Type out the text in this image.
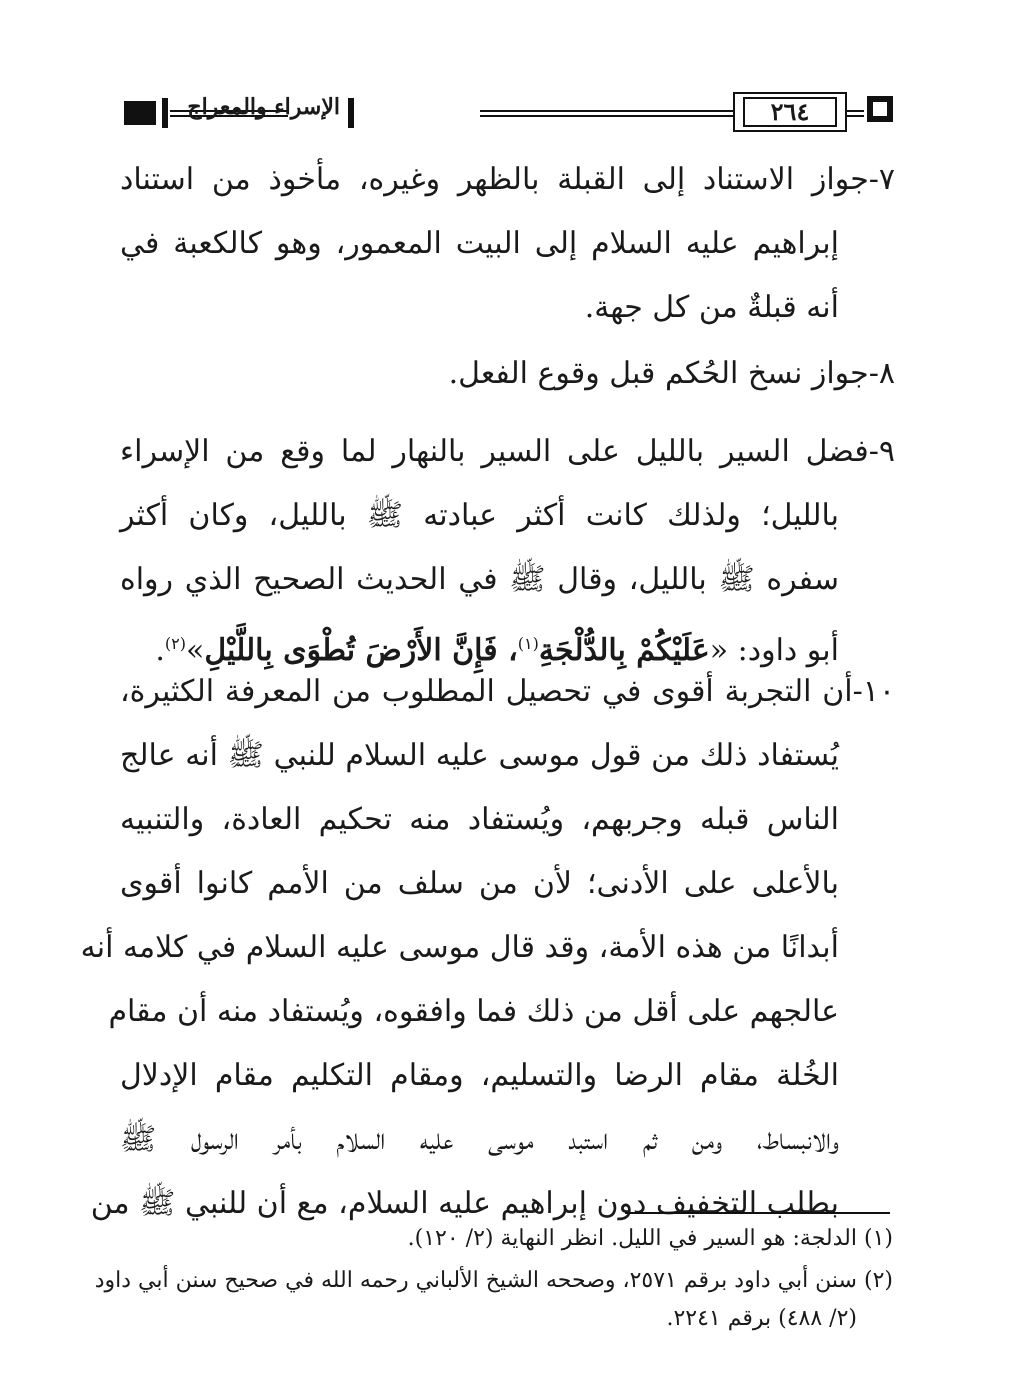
الإسراء والمعراج	٢٦٤
٧-جواز الاستناد إلى القبلة بالظهر وغيره، مأخوذ من استناد
إبراهيم عليه السلام إلى البيت المعمور، وهو كالكعبة في
أنه قبلةٌ من كل جهة.
٨-جواز نسخ الحُكم قبل وقوع الفعل.
٩-فضل السير بالليل على السير بالنهار لما وقع من الإسراء
بالليل؛ ولذلك كانت أكثر عبادته ﷺ بالليل، وكان أكثر
سفره ﷺ بالليل، وقال ﷺ في الحديث الصحيح الذي رواه
أبو داود: «عَلَيْكُمْ بِالدُّلْجَةِ$^{(١)}$، فَإِنَّ الأَرْضَ تُطْوَى بِاللَّيْلِ»$^{(٢)}$.
١٠-أن التجربة أقوى في تحصيل المطلوب من المعرفة الكثيرة،
يُستفاد ذلك من قول موسى عليه السلام للنبي ﷺ أنه عالج
الناس قبله وجربهم، ويُستفاد منه تحكيم العادة، والتنبيه
بالأعلى على الأدنى؛ لأن من سلف من الأمم كانوا أقوى
أبدانًا من هذه الأمة، وقد قال موسى عليه السلام في كلامه أنه
عالجهم على أقل من ذلك فما وافقوه، ويُستفاد منه أن مقام
الخُلة مقام الرضا والتسليم، ومقام التكليم مقام الإدلال
والانبساط، ومن ثم استبد موسى عليه السلام بأمر الرسول ﷺ
بطلب التخفيف دون إبراهيم عليه السلام، مع أن للنبي ﷺ من
(١) الدلجة: هو السير في الليل. انظر النهاية (٢/ ١٢٠).
(٢) سنن أبي داود برقم ٢٥٧١، وصححه الشيخ الألباني رحمه الله في صحيح سنن أبي داود
(٢/ ٤٨٨) برقم ٢٢٤١.
